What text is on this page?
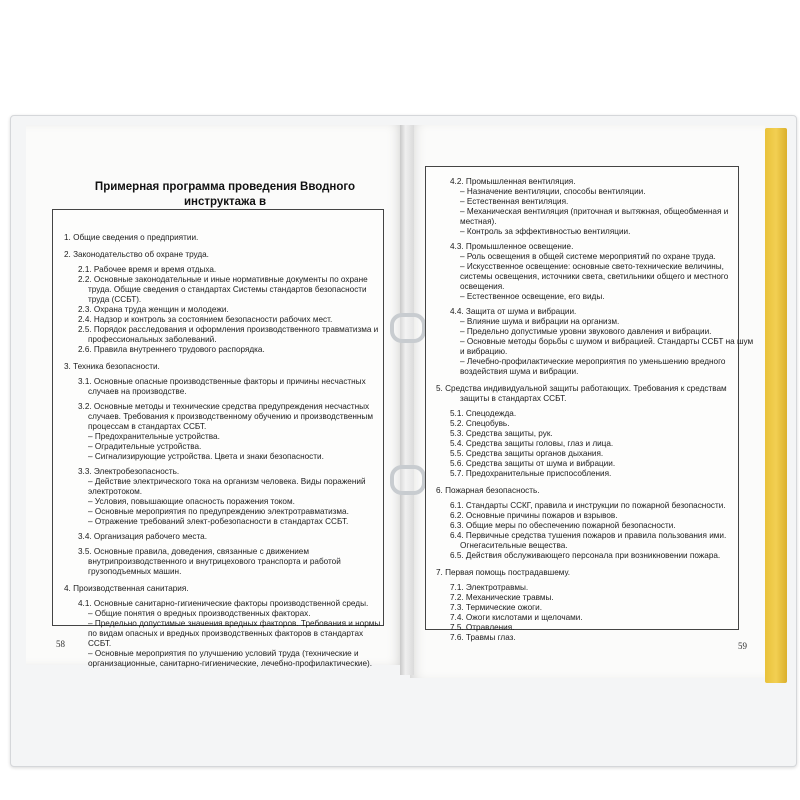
Примерная программа проведения Вводного инструктажа в
1. Общие сведения о предприятии.
2. Законодательство об охране труда.
2.1. Рабочее время и время отдыха.
2.2. Основные законодательные и иные нормативные документы по охране
труда. Общие сведения о стандартах Системы стандартов безопасности
труда (ССБТ).
2.3. Охрана труда женщин и молодежи.
2.4. Надзор и контроль за состоянием безопасности рабочих мест.
2.5. Порядок расследования и оформления производственного травматизма и
профессиональных заболеваний.
2.6. Правила внутреннего трудового распорядка.
3. Техника безопасности.
3.1. Основные опасные производственные факторы и причины несчастных
случаев на производстве.
3.2. Основные методы и технические средства предупреждения несчастных
случаев. Требования к производственному обучению и производственным
процессам в стандартах ССБТ.
– Предохранительные устройства.
– Оградительные устройства.
– Сигнализирующие устройства. Цвета и знаки безопасности.
3.3. Электробезопасность.
– Действие электрического тока на организм человека. Виды поражений
электротоком.
– Условия, повышающие опасность поражения током.
– Основные мероприятия по предупреждению электротравматизма.
– Отражение требований элект-робезопасности в стандартах ССБТ.
3.4. Организация рабочего места.
3.5. Основные правила, доведения, связанные с движением
внутрипроизводственного и внутрицехового транспорта и работой
грузоподъемных машин.
4. Производственная санитария.
4.1. Основные санитарно-гигиенические факторы производственной среды.
– Общие понятия о вредных производственных факторах.
– Предельно допустимые значения вредных факторов. Требования и нормы
по видам опасных и вредных производственных факторов в стандартах
ССБТ.
– Основные мероприятия по улучшению условий труда (технические и
организационные, санитарно-гигиенические, лечебно-профилактические).
4.2. Промышленная вентиляция.
– Назначение вентиляции, способы вентиляции.
– Естественная вентиляция.
– Механическая вентиляция (приточная и вытяжная, общеобменная и
местная).
– Контроль за эффективностью вентиляции.
4.3. Промышленное освещение.
– Роль освещения в общей системе мероприятий по охране труда.
– Искусственное освещение: основные свето-технические величины,
системы освещения, источники света, светильники общего и местного
освещения.
– Естественное освещение, его виды.
4.4. Защита от шума и вибрации.
– Влияние шума и вибрации на организм.
– Предельно допустимые уровни звукового давления и вибрации.
– Основные методы борьбы с шумом и вибрацией. Стандарты ССБТ на шум
и вибрацию.
– Лечебно-профилактические мероприятия по уменьшению вредного
воздействия шума и вибрации.
5. Средства индивидуальной защиты работающих. Требования к средствам
защиты в стандартах ССБТ.
5.1. Спецодежда.
5.2. Спецобувь.
5.3. Средства защиты, рук.
5.4. Средства защиты головы, глаз и лица.
5.5. Средства защиты органов дыхания.
5.6. Средства защиты от шума и вибрации.
5.7. Предохранительные приспособления.
6. Пожарная безопасность.
6.1. Стандарты ССКГ, правила и инструкции по пожарной безопасности.
6.2. Основные причины пожаров и взрывов.
6.3. Общие меры по обеспечению пожарной безопасности.
6.4. Первичные средства тушения пожаров и правила пользования ими.
Огнегасительные вещества.
6.5. Действия обслуживающего персонала при возникновении пожара.
7. Первая помощь пострадавшему.
7.1. Электротравмы.
7.2. Механические травмы.
7.3. Термические ожоги.
7.4. Ожоги кислотами и щелочами.
7.5. Отравления.
7.6. Травмы глаз.
58	59
